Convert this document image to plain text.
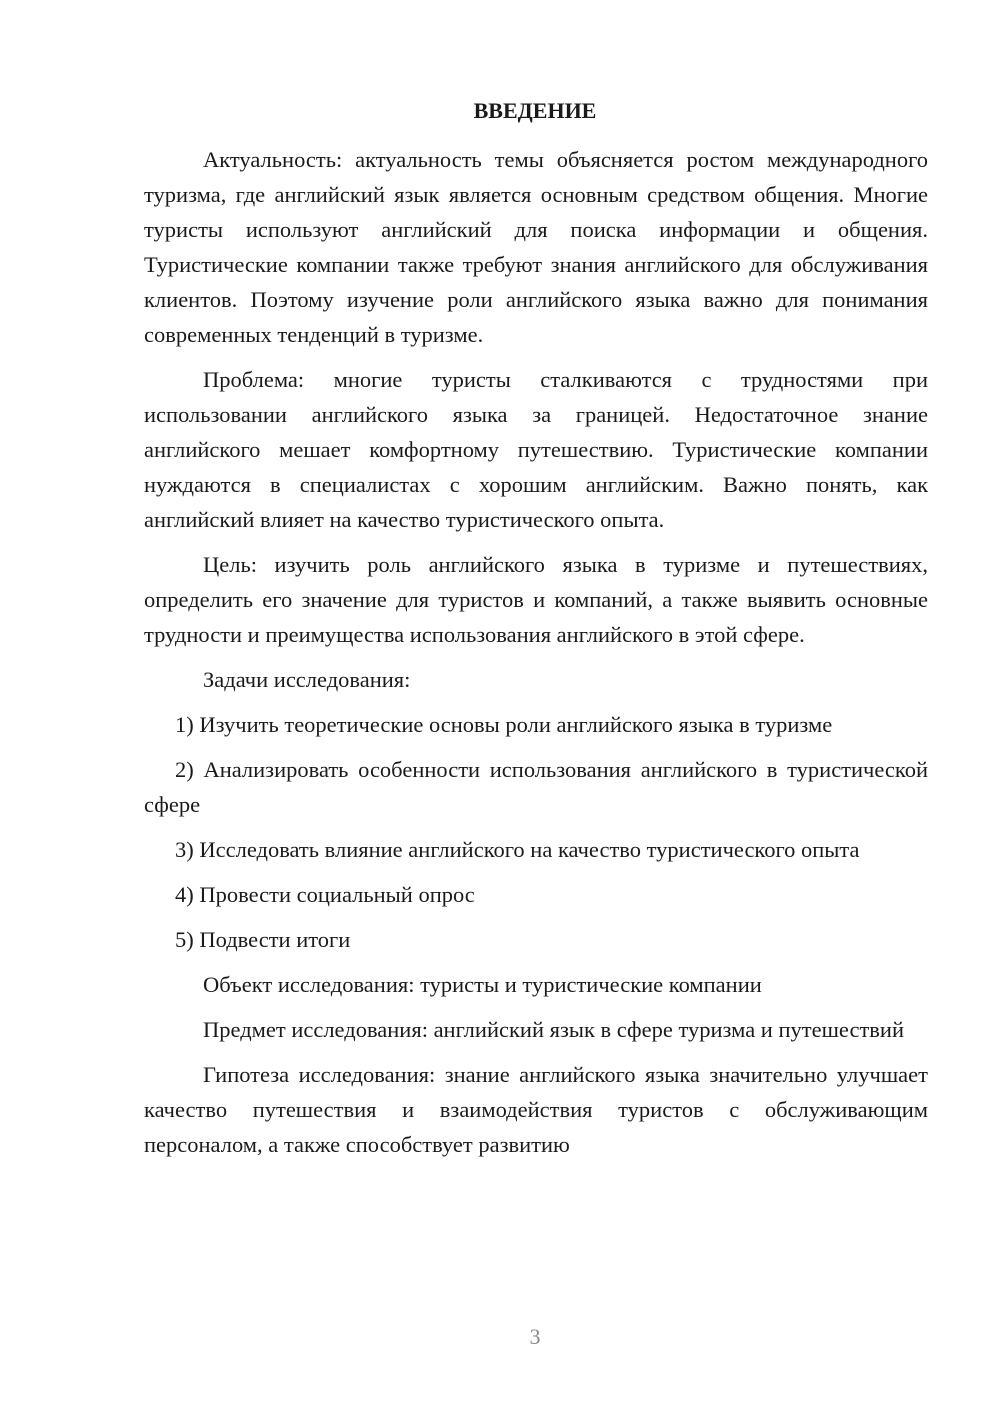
ВВЕДЕНИЕ

Актуальность: актуальность темы объясняется ростом международного туризма, где английский язык является основным средством общения. Многие туристы используют английский для поиска информации и общения. Туристические компании также требуют знания английского для обслуживания клиентов. Поэтому изучение роли английского языка важно для понимания современных тенденций в туризме.

Проблема: многие туристы сталкиваются с трудностями при использовании английского языка за границей. Недостаточное знание английского мешает комфортному путешествию. Туристические компании нуждаются в специалистах с хорошим английским. Важно понять, как английский влияет на качество туристического опыта.

Цель: изучить роль английского языка в туризме и путешествиях, определить его значение для туристов и компаний, а также выявить основные трудности и преимущества использования английского в этой сфере.

Задачи исследования:

1) Изучить теоретические основы роли английского языка в туризме

2) Анализировать особенности использования английского в туристической сфере

3) Исследовать влияние английского на качество туристического опыта

4) Провести социальный опрос

5) Подвести итоги

Объект исследования: туристы и туристические компании

Предмет исследования: английский язык в сфере туризма и путешествий

Гипотеза исследования: знание английского языка значительно улучшает качество путешествия и взаимодействия туристов с обслуживающим персоналом, а также способствует развитию

3
